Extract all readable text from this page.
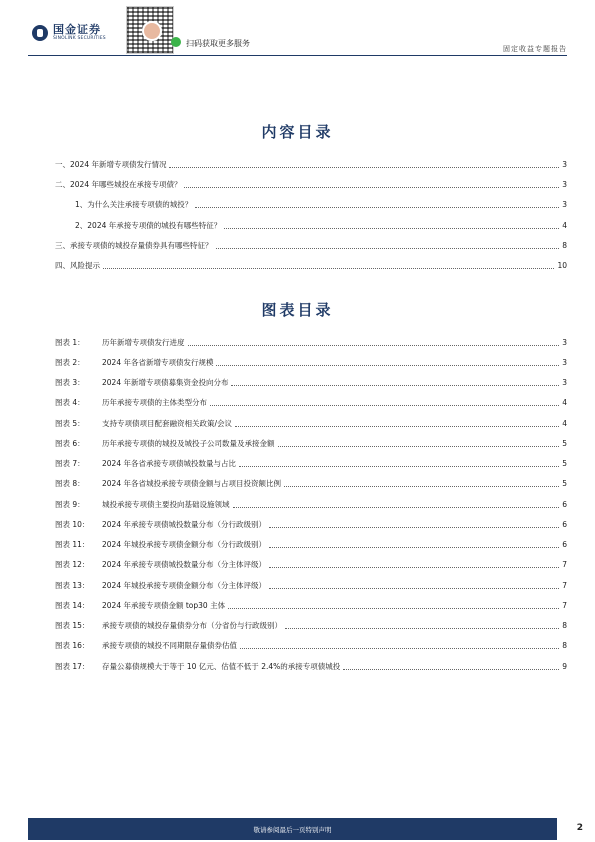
国金证券
SINOLINK SECURITIES
扫码获取更多服务
固定收益专题报告
内容目录
一、2024 年新增专项债发行情况	3
二、2024 年哪些城投在承接专项债？	3
1、为什么关注承接专项债的城投？	3
2、2024 年承接专项债的城投有哪些特征？	4
三、承接专项债的城投存量债券具有哪些特征？	8
四、风险提示	10
图表目录
图表 1： 历年新增专项债发行进度	3
图表 2： 2024 年各省新增专项债发行规模	3
图表 3： 2024 年新增专项债募集资金投向分布	3
图表 4： 历年承接专项债的主体类型分布	4
图表 5： 支持专项债项目配套融资相关政策/会议	4
图表 6： 历年承接专项债的城投及城投子公司数量及承接金额	5
图表 7： 2024 年各省承接专项债城投数量与占比	5
图表 8： 2024 年各省城投承接专项债金额与占项目投资额比例	5
图表 9： 城投承接专项债主要投向基础设施领域	6
图表 10： 2024 年承接专项债城投数量分布（分行政级别）	6
图表 11： 2024 年城投承接专项债金额分布（分行政级别）	6
图表 12： 2024 年承接专项债城投数量分布（分主体评级）	7
图表 13： 2024 年城投承接专项债金额分布（分主体评级）	7
图表 14： 2024 年承接专项债金额 top30 主体	7
图表 15： 承接专项债的城投存量债券分布（分省份与行政级别）	8
图表 16： 承接专项债的城投不同期限存量债券估值	8
图表 17： 存量公募债规模大于等于 10 亿元、估值不低于 2.4%的承接专项债城投	9
敬请参阅最后一页特别声明	2
